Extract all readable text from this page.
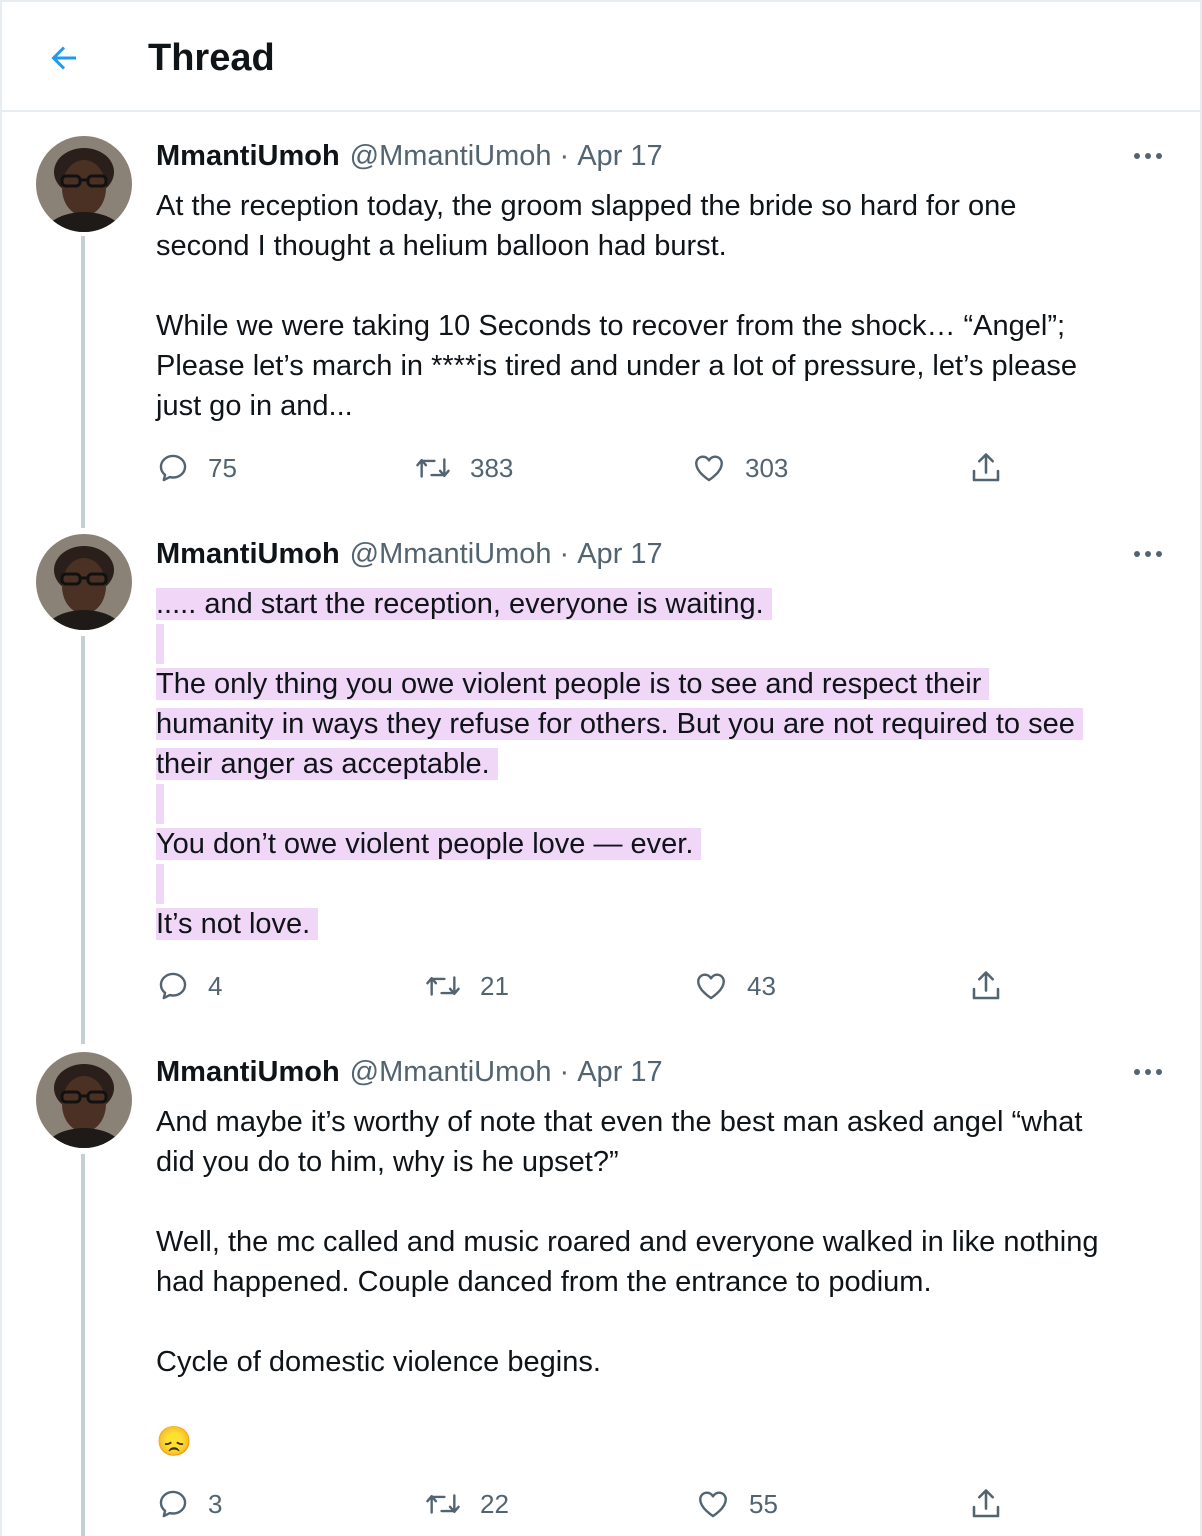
Thread
MmantiUmoh @MmantiUmoh · Apr 17
At the reception today, the groom slapped the bride so hard for one
second I thought a helium balloon had burst.
While we were taking 10 Seconds to recover from the shock… “Angel”;
Please let’s march in ****is tired and under a lot of pressure, let’s please
just go in and...
75	383	303
MmantiUmoh @MmantiUmoh · Apr 17
..... and start the reception, everyone is waiting.
The only thing you owe violent people is to see and respect their
humanity in ways they refuse for others. But you are not required to see
their anger as acceptable.
You don’t owe violent people love — ever.
It’s not love.
4	21	43
MmantiUmoh @MmantiUmoh · Apr 17
And maybe it’s worthy of note that even the best man asked angel “what
did you do to him, why is he upset?”
Well, the mc called and music roared and everyone walked in like nothing
had happened. Couple danced from the entrance to podium.
Cycle of domestic violence begins.
😞
3	22	55
